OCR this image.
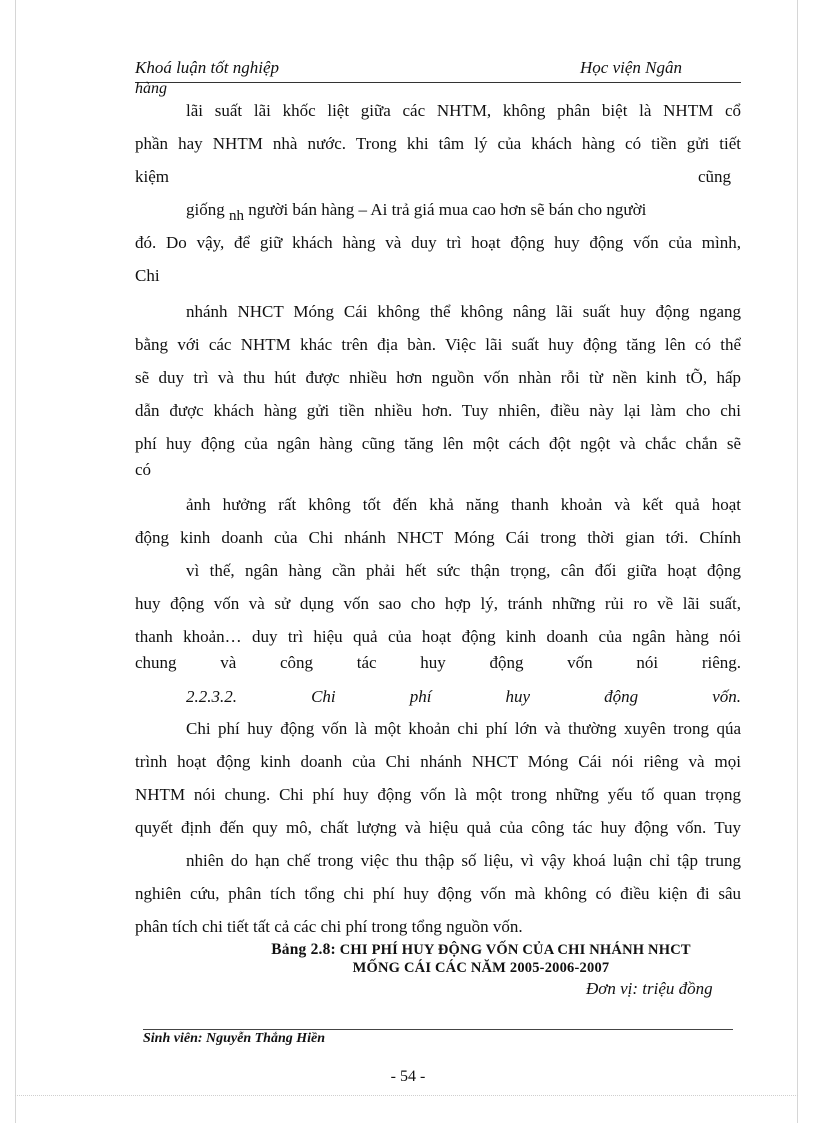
Khoá luận tốt nghiệp	Học viện Ngân
hàng
lãi suất lãi khốc liệt giữa các NHTM, không phân biệt là NHTM cổ
phần hay NHTM nhà nước. Trong khi tâm lý của khách hàng có tiền gửi tiết
kiệm	cũng
giống nh người bán hàng – Ai trả giá mua cao hơn sẽ bán cho người
đó. Do vậy, để giữ khách hàng và duy trì hoạt động huy động vốn của mình,
Chi
nhánh NHCT Móng Cái không thể không nâng lãi suất huy động ngang
bằng với các NHTM khác trên địa bàn. Việc lãi suất huy động tăng lên có thể
sẽ duy trì và thu hút được nhiều hơn nguồn vốn nhàn rỗi từ nền kinh tÕ, hấp
dẫn được khách hàng gửi tiền nhiều hơn. Tuy nhiên, điều này lại làm cho chi
phí huy động của ngân hàng cũng tăng lên một cách đột ngột và chắc chắn sẽ
có
ảnh hưởng rất không tốt đến khả năng thanh khoản và kết quả hoạt
động kinh doanh của Chi nhánh NHCT Móng Cái trong thời gian tới. Chính
vì thế, ngân hàng cần phải hết sức thận trọng, cân đối giữa hoạt động
huy động vốn và sử dụng vốn sao cho hợp lý, tránh những rủi ro về lãi suất,
thanh khoản… duy trì hiệu quả của hoạt động kinh doanh của ngân hàng nói
chung và công tác huy động vốn nói riêng.
2.2.3.2. Chi phí huy động vốn.
Chi phí huy động vốn là một khoản chi phí lớn và thường xuyên trong qúa
trình hoạt động kinh doanh của Chi nhánh NHCT Móng Cái nói riêng và mọi
NHTM nói chung. Chi phí huy động vốn là một trong những yếu tố quan trọng
quyết định đến quy mô, chất lượng và hiệu quả của công tác huy động vốn. Tuy
nhiên do hạn chế trong việc thu thập số liệu, vì vậy khoá luận chỉ tập trung
nghiên cứu, phân tích tổng chi phí huy động vốn mà không có điều kiện đi sâu
phân tích chi tiết tất cả các chi phí trong tổng nguồn vốn.
Bảng 2.8: CHI PHÍ HUY ĐỘNG VỐN CỦA CHI NHÁNH NHCT
MỐNG CÁI CÁC NĂM 2005-2006-2007
Đơn vị: triệu đồng
Sinh viên: Nguyễn Thắng Hiền
- 54 -
